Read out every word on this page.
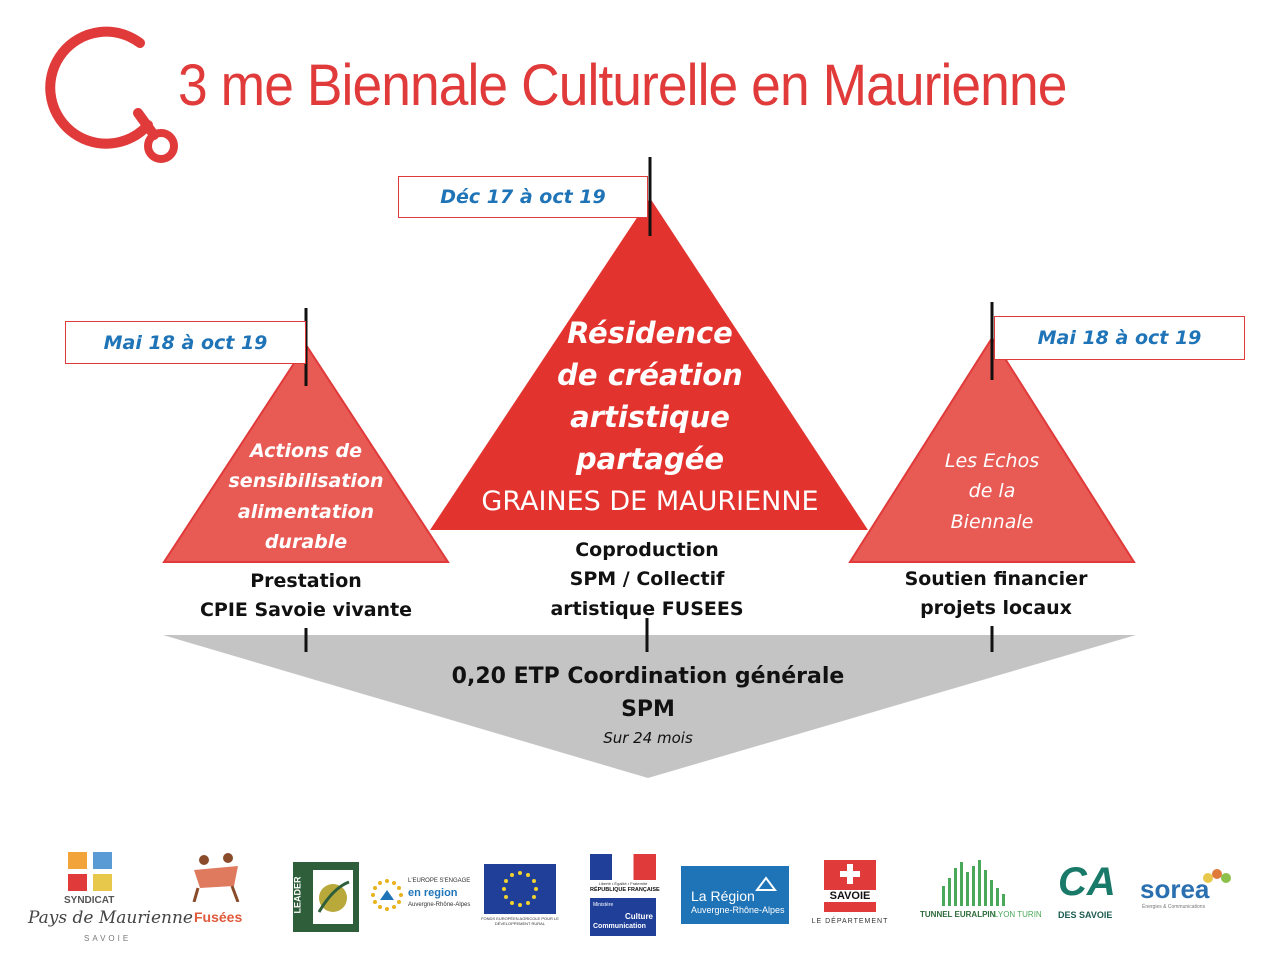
3 me Biennale Culturelle en Maurienne
Déc 17 à oct 19
Mai 18 à oct 19	Mai 18 à oct 19
Résidence
de création
artistique
partagée
GRAINES DE MAURIENNE
Actions de
sensibilisation
alimentation
durable
Les Echos
de la
Biennale
Prestation
CPIE Savoie vivante
Coproduction
SPM / Collectif
artistique FUSEES
Soutien financier
projets locaux
0,20 ETP Coordination générale
SPM
Sur 24 mois
SYNDICAT
Pays de Maurienne
SAVOIE
Fusées
LEADER	L'EUROPE S'ENGAGE
en region
Auvergne-Rhône-Alpes
FONDS EUROPÉEN AGRICOLE POUR LE DÉVELOPPEMENT RURAL
Liberté • Égalité • Fraternité
RÉPUBLIQUE FRANÇAISE
Ministère
Culture
Communication
La Région
Auvergne-Rhône-Alpes
SAVOIE
LE DÉPARTEMENT
TUNNEL EURALPIN
LYON TURIN
CA
DES SAVOIE
sorea
Énergies & Communications
